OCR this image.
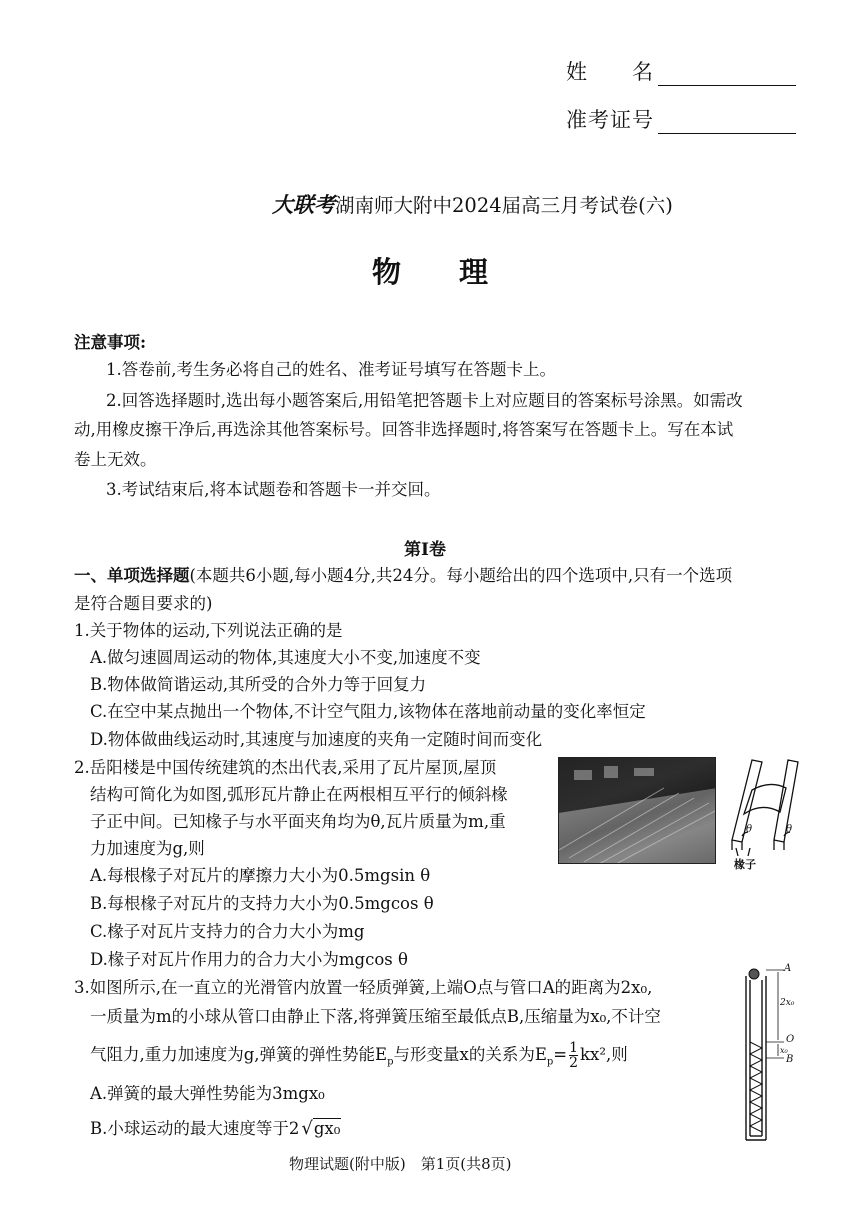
姓　　名
准考证号
大联考湖南师大附中2024届高三月考试卷(六)
物理
注意事项:
1.答卷前,考生务必将自己的姓名、准考证号填写在答题卡上。
2.回答选择题时,选出每小题答案后,用铅笔把答题卡上对应题目的答案标号涂黑。如需改
动,用橡皮擦干净后,再选涂其他答案标号。回答非选择题时,将答案写在答题卡上。写在本试
卷上无效。
3.考试结束后,将本试题卷和答题卡一并交回。
第Ⅰ卷
一、单项选择题(本题共6小题,每小题4分,共24分。每小题给出的四个选项中,只有一个选项
是符合题目要求的)
1.关于物体的运动,下列说法正确的是
A.做匀速圆周运动的物体,其速度大小不变,加速度不变
B.物体做简谐运动,其所受的合外力等于回复力
C.在空中某点抛出一个物体,不计空气阻力,该物体在落地前动量的变化率恒定
D.物体做曲线运动时,其速度与加速度的夹角一定随时间而变化
2.岳阳楼是中国传统建筑的杰出代表,采用了瓦片屋顶,屋顶
结构可简化为如图,弧形瓦片静止在两根相互平行的倾斜椽
子正中间。已知椽子与水平面夹角均为θ,瓦片质量为m,重
力加速度为g,则
A.每根椽子对瓦片的摩擦力大小为0.5mgsin θ
B.每根椽子对瓦片的支持力大小为0.5mgcos θ
C.椽子对瓦片支持力的合力大小为mg
D.椽子对瓦片作用力的合力大小为mgcos θ
θ	θ
椽子
3.如图所示,在一直立的光滑管内放置一轻质弹簧,上端O点与管口A的距离为2x₀,
一质量为m的小球从管口由静止下落,将弹簧压缩至最低点B,压缩量为x₀,不计空
气阻力,重力加速度为g,弹簧的弹性势能$E_p$与形变量x的关系为$E_p= \frac{1}{2} kx^2$,则
A.弹簧的最大弹性势能为3mgx₀
B.小球运动的最大速度等于2 √gx₀
A
2x₀
O
x₀
B
物理试题(附中版)　第1页(共8页)
